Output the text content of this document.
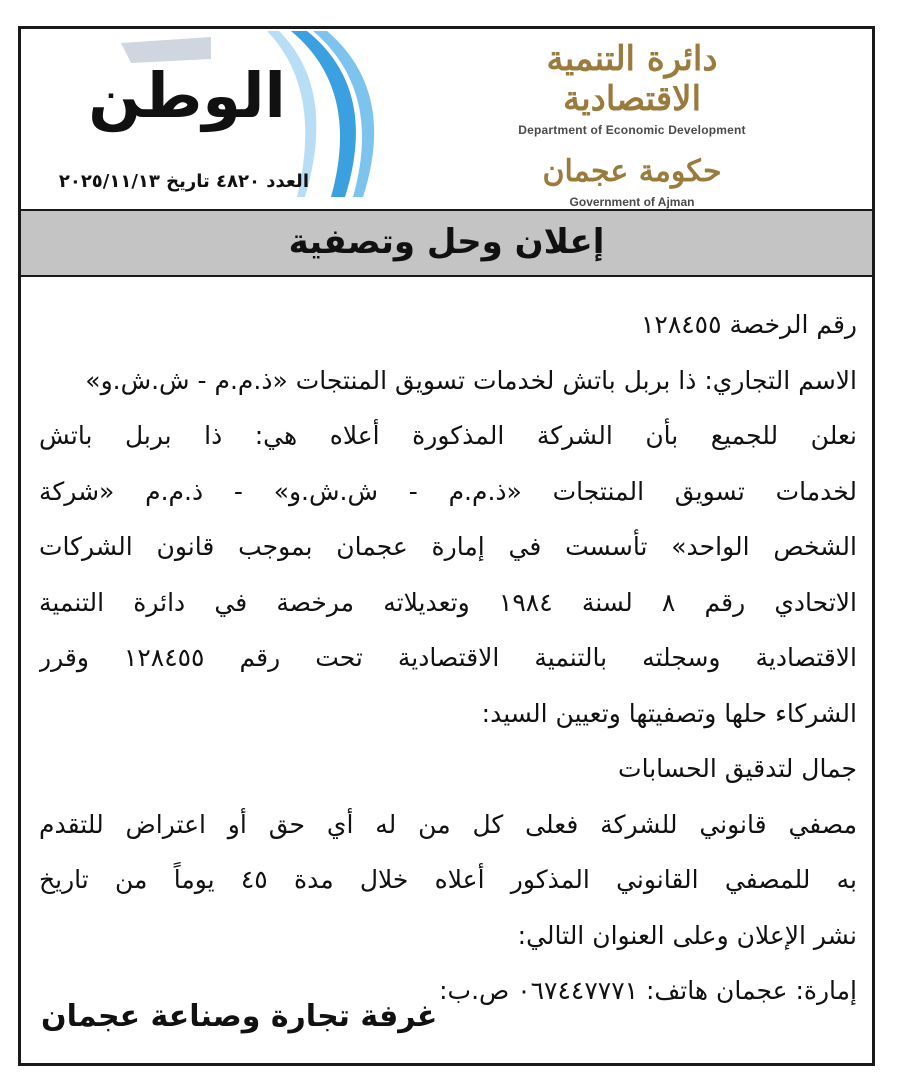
الوطن
العدد ٤٨٢٠ تاريخ ٢٠٢٥/١١/١٣
دائرة التنمية الاقتصادية
Department of Economic Development
حكومة عجمان
Government of Ajman
إعلان وحل وتصفية
رقم الرخصة ١٢٨٤٥٥
الاسم التجاري: ذا بربل باتش لخدمات تسويق المنتجات «ذ.م.م - ش.ش.و»
نعلن للجميع بأن الشركة المذكورة أعلاه هي: ذا بربل باتش
لخدمات تسويق المنتجات «ذ.م.م - ش.ش.و» - ذ.م.م «شركة
الشخص الواحد» تأسست في إمارة عجمان بموجب قانون الشركات
الاتحادي رقم ٨ لسنة ١٩٨٤ وتعديلاته مرخصة في دائرة التنمية
الاقتصادية وسجلته بالتنمية الاقتصادية تحت رقم ١٢٨٤٥٥ وقرر
الشركاء حلها وتصفيتها وتعيين السيد:
جمال لتدقيق الحسابات
مصفي قانوني للشركة فعلى كل من له أي حق أو اعتراض للتقدم
به للمصفي القانوني المذكور أعلاه خلال مدة ٤٥ يوماً من تاريخ
نشر الإعلان وعلى العنوان التالي:
إمارة: عجمان هاتف: ٠٦٧٤٤٧٧٧١ ص.ب:
غرفة تجارة وصناعة عجمان
